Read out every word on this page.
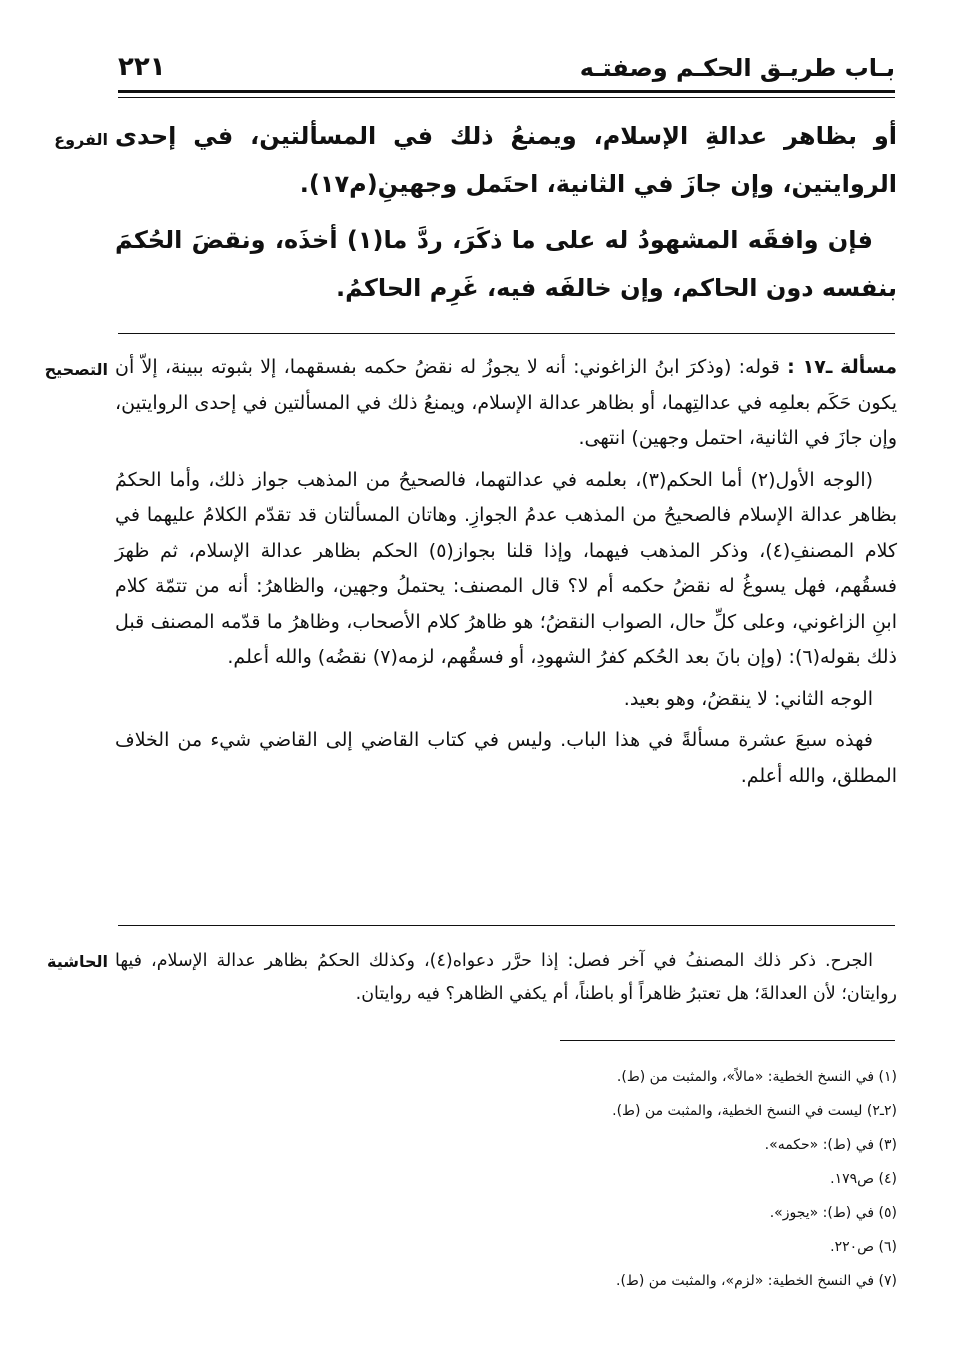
بـاب طريـق الحكـم وصفتـه
٢٢١
الفروع
التصحيح
الحاشية

أو بظاهر عدالةِ الإسلام، ويمنعُ ذلك في المسألتين، في إحدى الروايتين، وإن جازَ في الثانية، احتَمل وجهينِ(م١٧).

فإن وافقَه المشهودُ له على ما ذكَرَ، ردَّ ما(١) أخذَه، ونقضَ الحُكمَ بنفسه دون الحاكم، وإن خالفَه فيه، غَرِم الحاكمُ.

مسألة ـ١٧ : قوله: (وذكرَ ابنُ الزاغوني: أنه لا يجوزُ له نقضُ حكمه بفسقهما، إلا بثبوته ببينة، إلاّ أن يكون حَكَم بعلمِه في عدالتِهما، أو بظاهر عدالة الإسلام، ويمنعُ ذلك في المسألتين في إحدى الروايتين، وإن جازَ في الثانية، احتمل وجهين) انتهى.

(الوجه الأول(٢) أما الحكم(٣)، بعلمه في عدالتهما، فالصحيحُ من المذهب جواز ذلك، وأما الحكمُ بظاهر عدالة الإسلام فالصحيحُ من المذهب عدمُ الجوازِ. وهاتان المسألتان قد تقدّم الكلامُ عليهما في كلام المصنفِ(٤)، وذكر المذهب فيهما، وإذا قلنا بجواز(٥) الحكم بظاهر عدالة الإسلام، ثم ظهرَ فسقُهم، فهل يسوغُ له نقضُ حكمه أم لا؟ قال المصنف: يحتملُ وجهين، والظاهرُ: أنه من تتمّة كلام ابنِ الزاغوني، وعلى كلِّ حال، الصواب النقضُ؛ هو ظاهرُ كلام الأصحاب، وظاهرُ ما قدّمه المصنف قبل ذلك بقوله(٦): (وإن بانَ بعد الحُكم كفرُ الشهودِ، أو فسقُهم، لزمه(٧) نقضُه) والله أعلم.

الوجه الثاني: لا ينقضُ، وهو بعيد.

فهذه سبعَ عشرة مسألةً في هذا الباب. وليس في كتاب القاضي إلى القاضي شيء من الخلاف المطلق، والله أعلم.

الجرح. ذكر ذلك المصنفُ في آخر فصل: إذا حرَّر دعواه(٤)، وكذلك الحكمُ بظاهر عدالة الإسلام، فيها روايتان؛ لأن العدالةَ؛ هل تعتبرُ ظاهراً أو باطناً، أم يكفي الظاهر؟ فيه روايتان.

(١) في النسخ الخطية: «مالاً»، والمثبت من (ط).
(٢ـ٢) ليست في النسخ الخطية، والمثبت من (ط).
(٣) في (ط): «حكمه».
(٤) ص١٧٩.
(٥) في (ط): «يجوز».
(٦) ص٢٢٠.
(٧) في النسخ الخطية: «لزم»، والمثبت من (ط).
